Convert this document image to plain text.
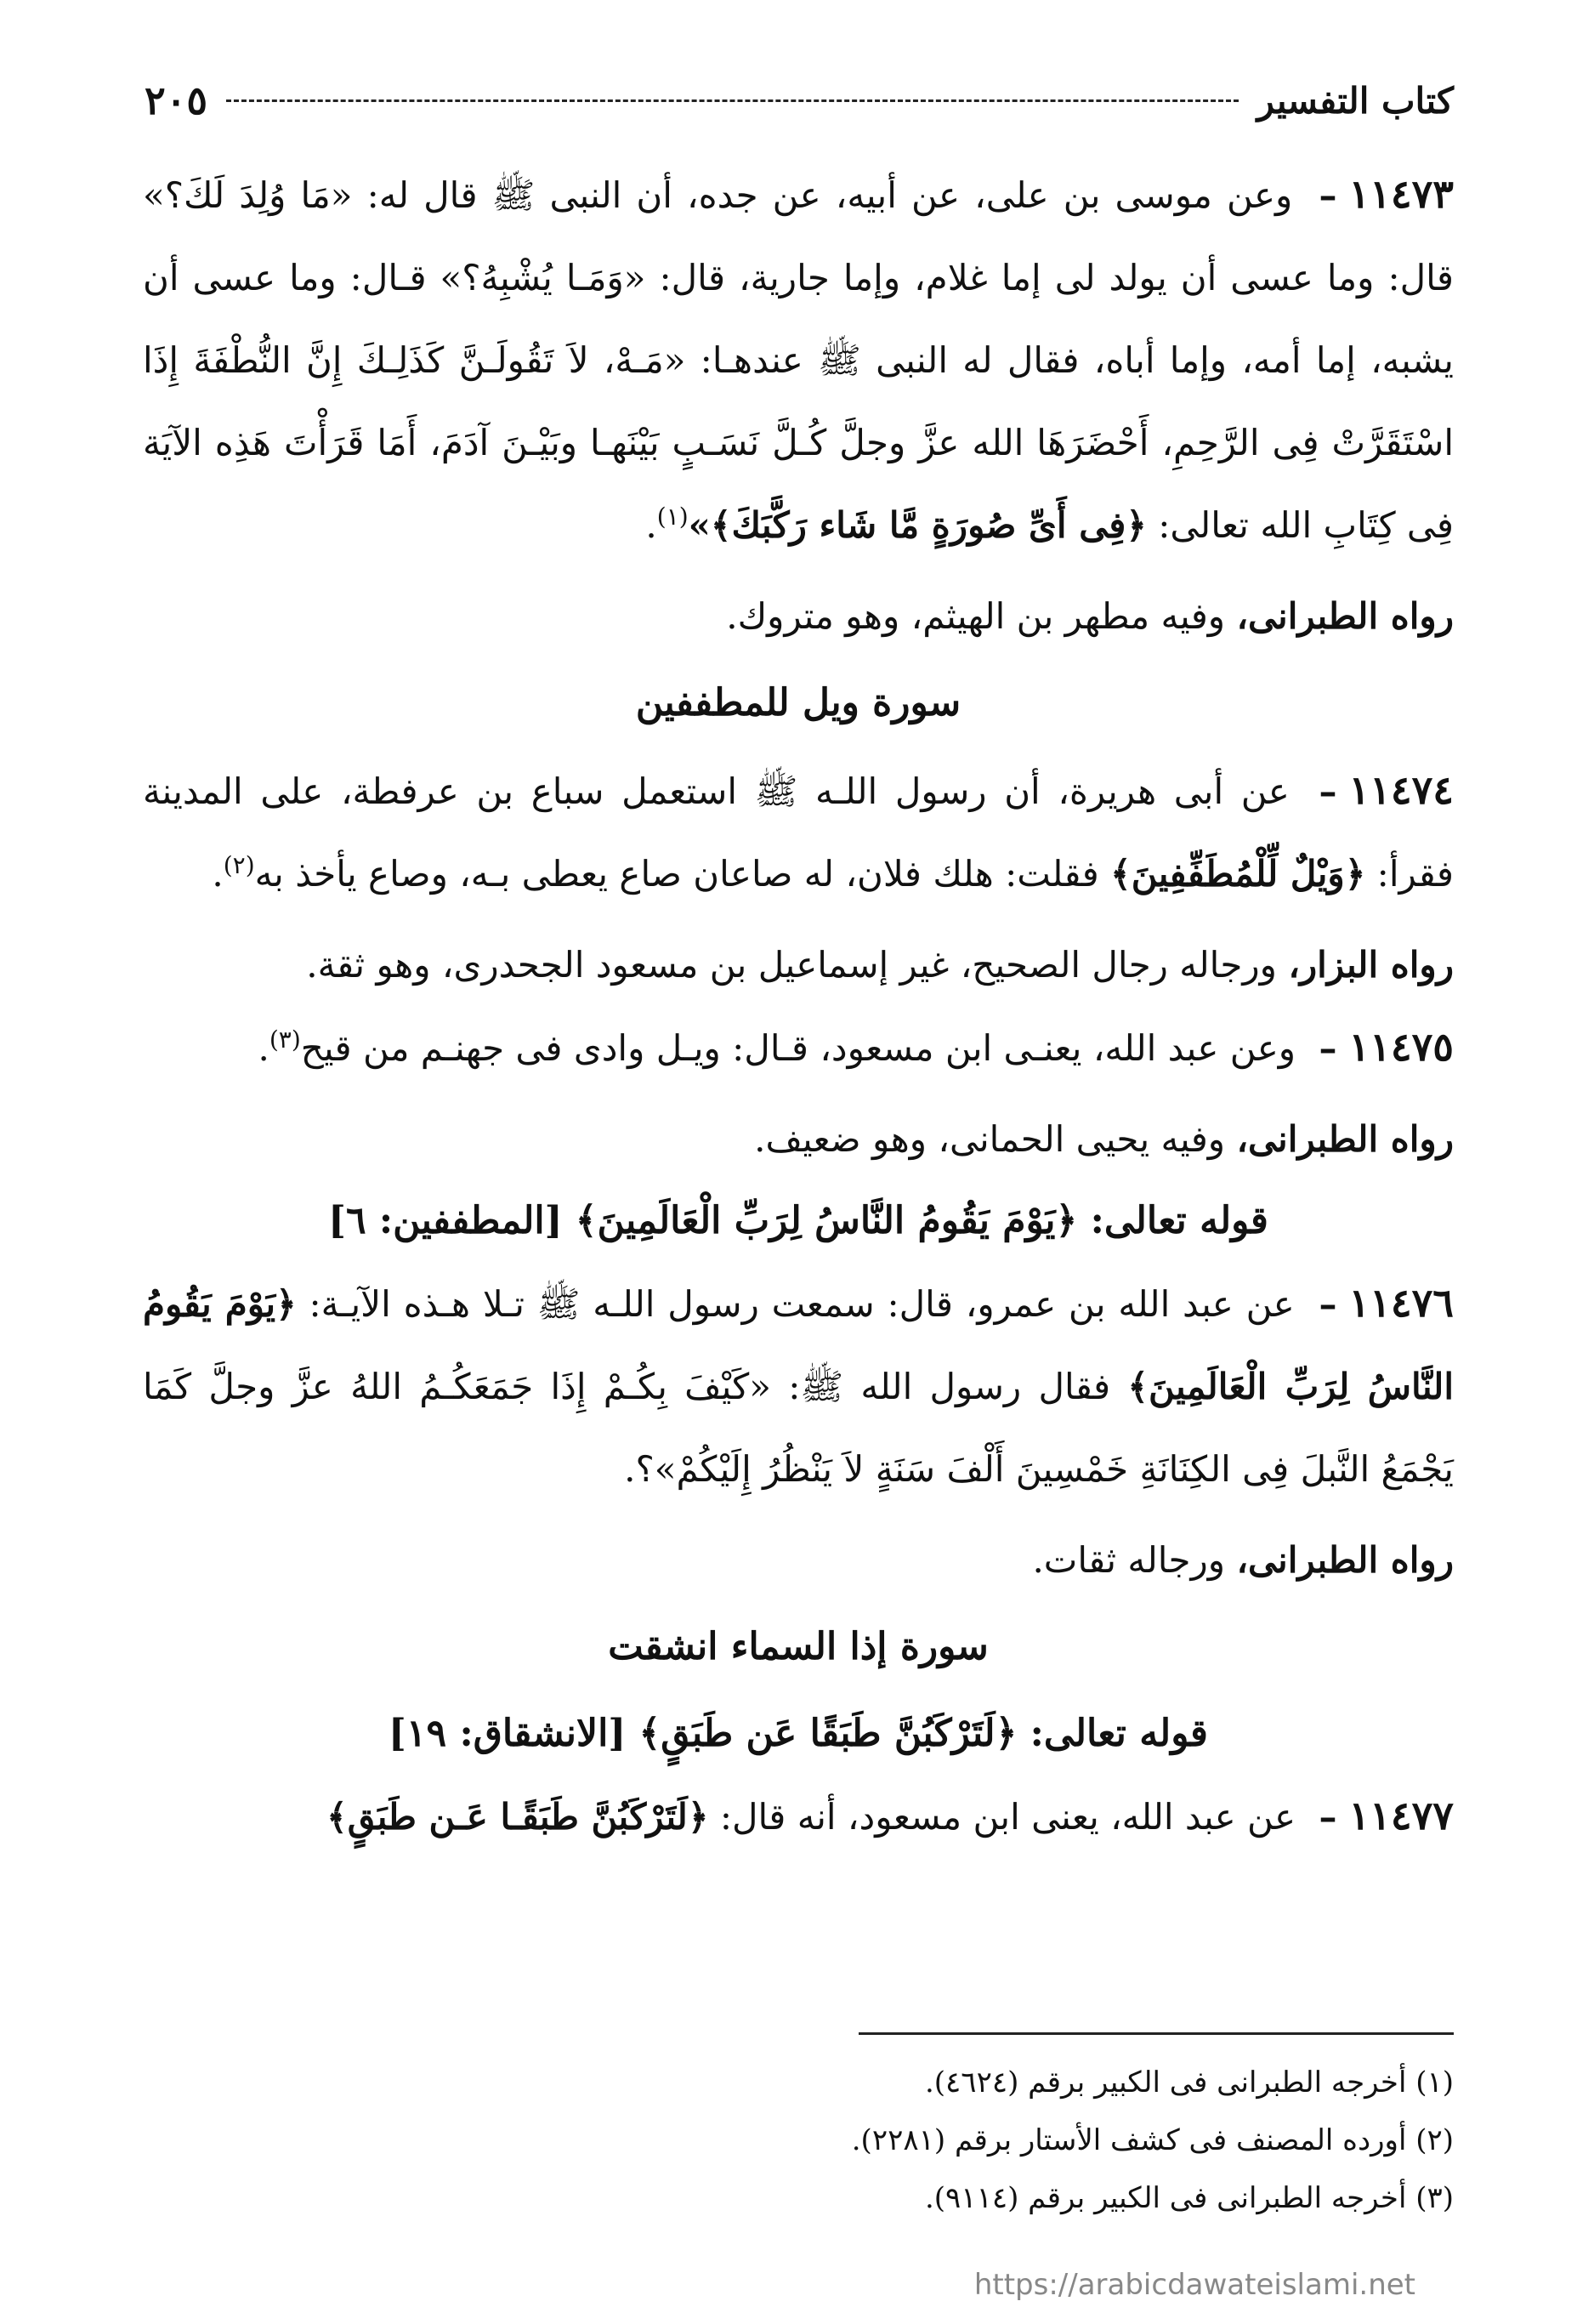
كتاب التفسير
٢٠٥

١١٤٧٣– وعن موسى بن على، عن أبيه، عن جده، أن النبى ﷺ قال له: «مَا وُلِدَ لَكَ؟» قال: وما عسى أن يولد لى إما غلام، وإما جارية، قال: «وَمَـا يُشْبِهُ؟» قـال: وما عسى أن يشبه، إما أمه، وإما أباه، فقال له النبى ﷺ عندهـا: «مَـهْ، لاَ تَقُولَـنَّ كَذَلِـكَ إِنَّ النُّطْفَةَ إِذَا اسْتَقَرَّتْ فِى الرَّحِمِ، أَحْضَرَهَا الله عزَّ وجلَّ كُـلَّ نَسَـبٍ بَيْنَهـا وبَيْـنَ آدَمَ، أَمَا قَرَأْتَ هَذِه الآيَة فِى كِتَابِ الله تعالى: ﴿فِى أَىِّ صُورَةٍ مَّا شَاء رَكَّبَكَ﴾»$^{(١)}$.

رواه الطبرانى، وفيه مطهر بن الهيثم، وهو متروك.

سورة ويل للمطففين

١١٤٧٤– عن أبى هريرة، أن رسول اللـه ﷺ استعمل سباع بن عرفطة، على المدينة فقرأ: ﴿وَيْلٌ لِّلْمُطَفِّفِينَ﴾ فقلت: هلك فلان، له صاعان صاع يعطى بـه، وصاع يأخذ به$^{(٢)}$.

رواه البزار، ورجاله رجال الصحيح، غير إسماعيل بن مسعود الجحدرى، وهو ثقة.

١١٤٧٥– وعن عبد الله، يعنـى ابن مسعود، قـال: ويـل وادى فى جهنـم من قيح$^{(٣)}$.

رواه الطبرانى، وفيه يحيى الحمانى، وهو ضعيف.

قوله تعالى: ﴿يَوْمَ يَقُومُ النَّاسُ لِرَبِّ الْعَالَمِينَ﴾ [المطففين: ٦]

١١٤٧٦– عن عبد الله بن عمرو، قال: سمعت رسول اللـه ﷺ تـلا هـذه الآيـة: ﴿يَوْمَ يَقُومُ النَّاسُ لِرَبِّ الْعَالَمِينَ﴾ فقال رسول الله ﷺ: «كَيْفَ بِكُـمْ إِذَا جَمَعَكُـمُ اللهُ عزَّ وجلَّ كَمَا يَجْمَعُ النَّبلَ فِى الكِنَانَةِ خَمْسِينَ أَلْفَ سَنَةٍ لاَ يَنْظُرُ إِلَيْكُمْ»؟.

رواه الطبرانى، ورجاله ثقات.

سورة إذا السماء انشقت

قوله تعالى: ﴿لَتَرْكَبُنَّ طَبَقًا عَن طَبَقٍ﴾ [الانشقاق: ١٩]

١١٤٧٧– عن عبد الله، يعنى ابن مسعود، أنه قال: ﴿لَتَرْكَبُنَّ طَبَقًـا عَـن طَبَقٍ﴾

(١) أخرجه الطبرانى فى الكبير برقم (٤٦٢٤).

(٢) أورده المصنف فى كشف الأستار برقم (٢٢٨١).

(٣) أخرجه الطبرانى فى الكبير برقم (٩١١٤).

https://arabicdawateislami.net
